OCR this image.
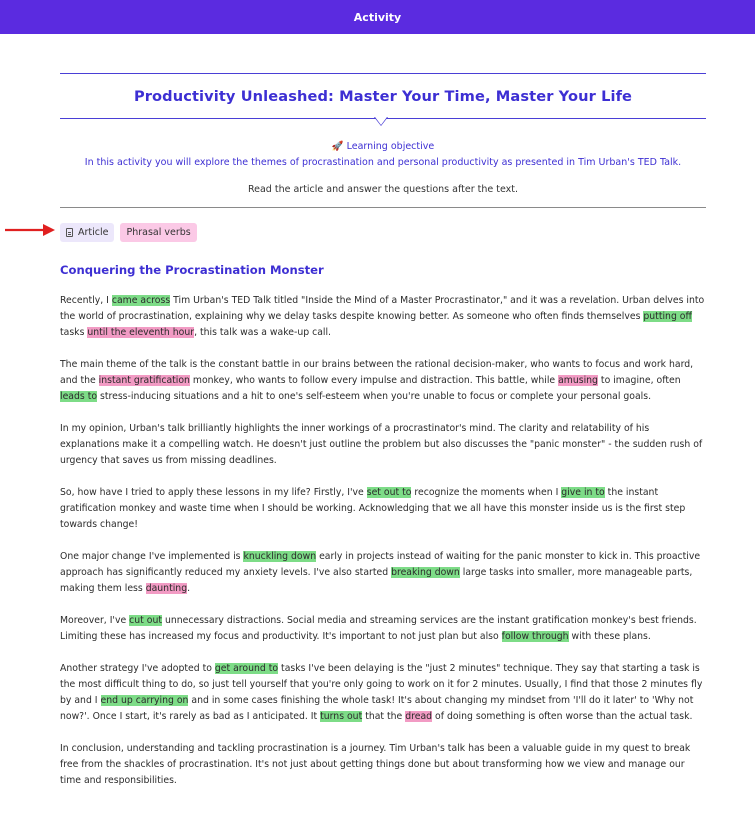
Activity
Productivity Unleashed: Master Your Time, Master Your Life
🚀 Learning objective
In this activity you will explore the themes of procrastination and personal productivity as presented in Tim Urban's TED Talk.
Read the article and answer the questions after the text.
Article Phrasal verbs
Conquering the Procrastination Monster

Recently, I came across Tim Urban's TED Talk titled "Inside the Mind of a Master Procrastinator," and it was a revelation. Urban delves into the world of procrastination, explaining why we delay tasks despite knowing better. As someone who often finds themselves putting off tasks until the eleventh hour, this talk was a wake-up call.

The main theme of the talk is the constant battle in our brains between the rational decision-maker, who wants to focus and work hard, and the instant gratification monkey, who wants to follow every impulse and distraction. This battle, while amusing to imagine, often leads to stress-inducing situations and a hit to one's self-esteem when you're unable to focus or complete your personal goals.

In my opinion, Urban's talk brilliantly highlights the inner workings of a procrastinator's mind. The clarity and relatability of his explanations make it a compelling watch. He doesn't just outline the problem but also discusses the "panic monster" - the sudden rush of urgency that saves us from missing deadlines.

So, how have I tried to apply these lessons in my life? Firstly, I've set out to recognize the moments when I give in to the instant gratification monkey and waste time when I should be working. Acknowledging that we all have this monster inside us is the first step towards change!

One major change I've implemented is knuckling down early in projects instead of waiting for the panic monster to kick in. This proactive approach has significantly reduced my anxiety levels. I've also started breaking down large tasks into smaller, more manageable parts, making them less daunting.

Moreover, I've cut out unnecessary distractions. Social media and streaming services are the instant gratification monkey's best friends. Limiting these has increased my focus and productivity. It's important to not just plan but also follow through with these plans.

Another strategy I've adopted to get around to tasks I've been delaying is the "just 2 minutes" technique. They say that starting a task is the most difficult thing to do, so just tell yourself that you're only going to work on it for 2 minutes. Usually, I find that those 2 minutes fly by and I end up carrying on and in some cases finishing the whole task! It's about changing my mindset from 'I'll do it later' to 'Why not now?'. Once I start, it's rarely as bad as I anticipated. It turns out that the dread of doing something is often worse than the actual task.

In conclusion, understanding and tackling procrastination is a journey. Tim Urban's talk has been a valuable guide in my quest to break free from the shackles of procrastination. It's not just about getting things done but about transforming how we view and manage our time and responsibilities.
